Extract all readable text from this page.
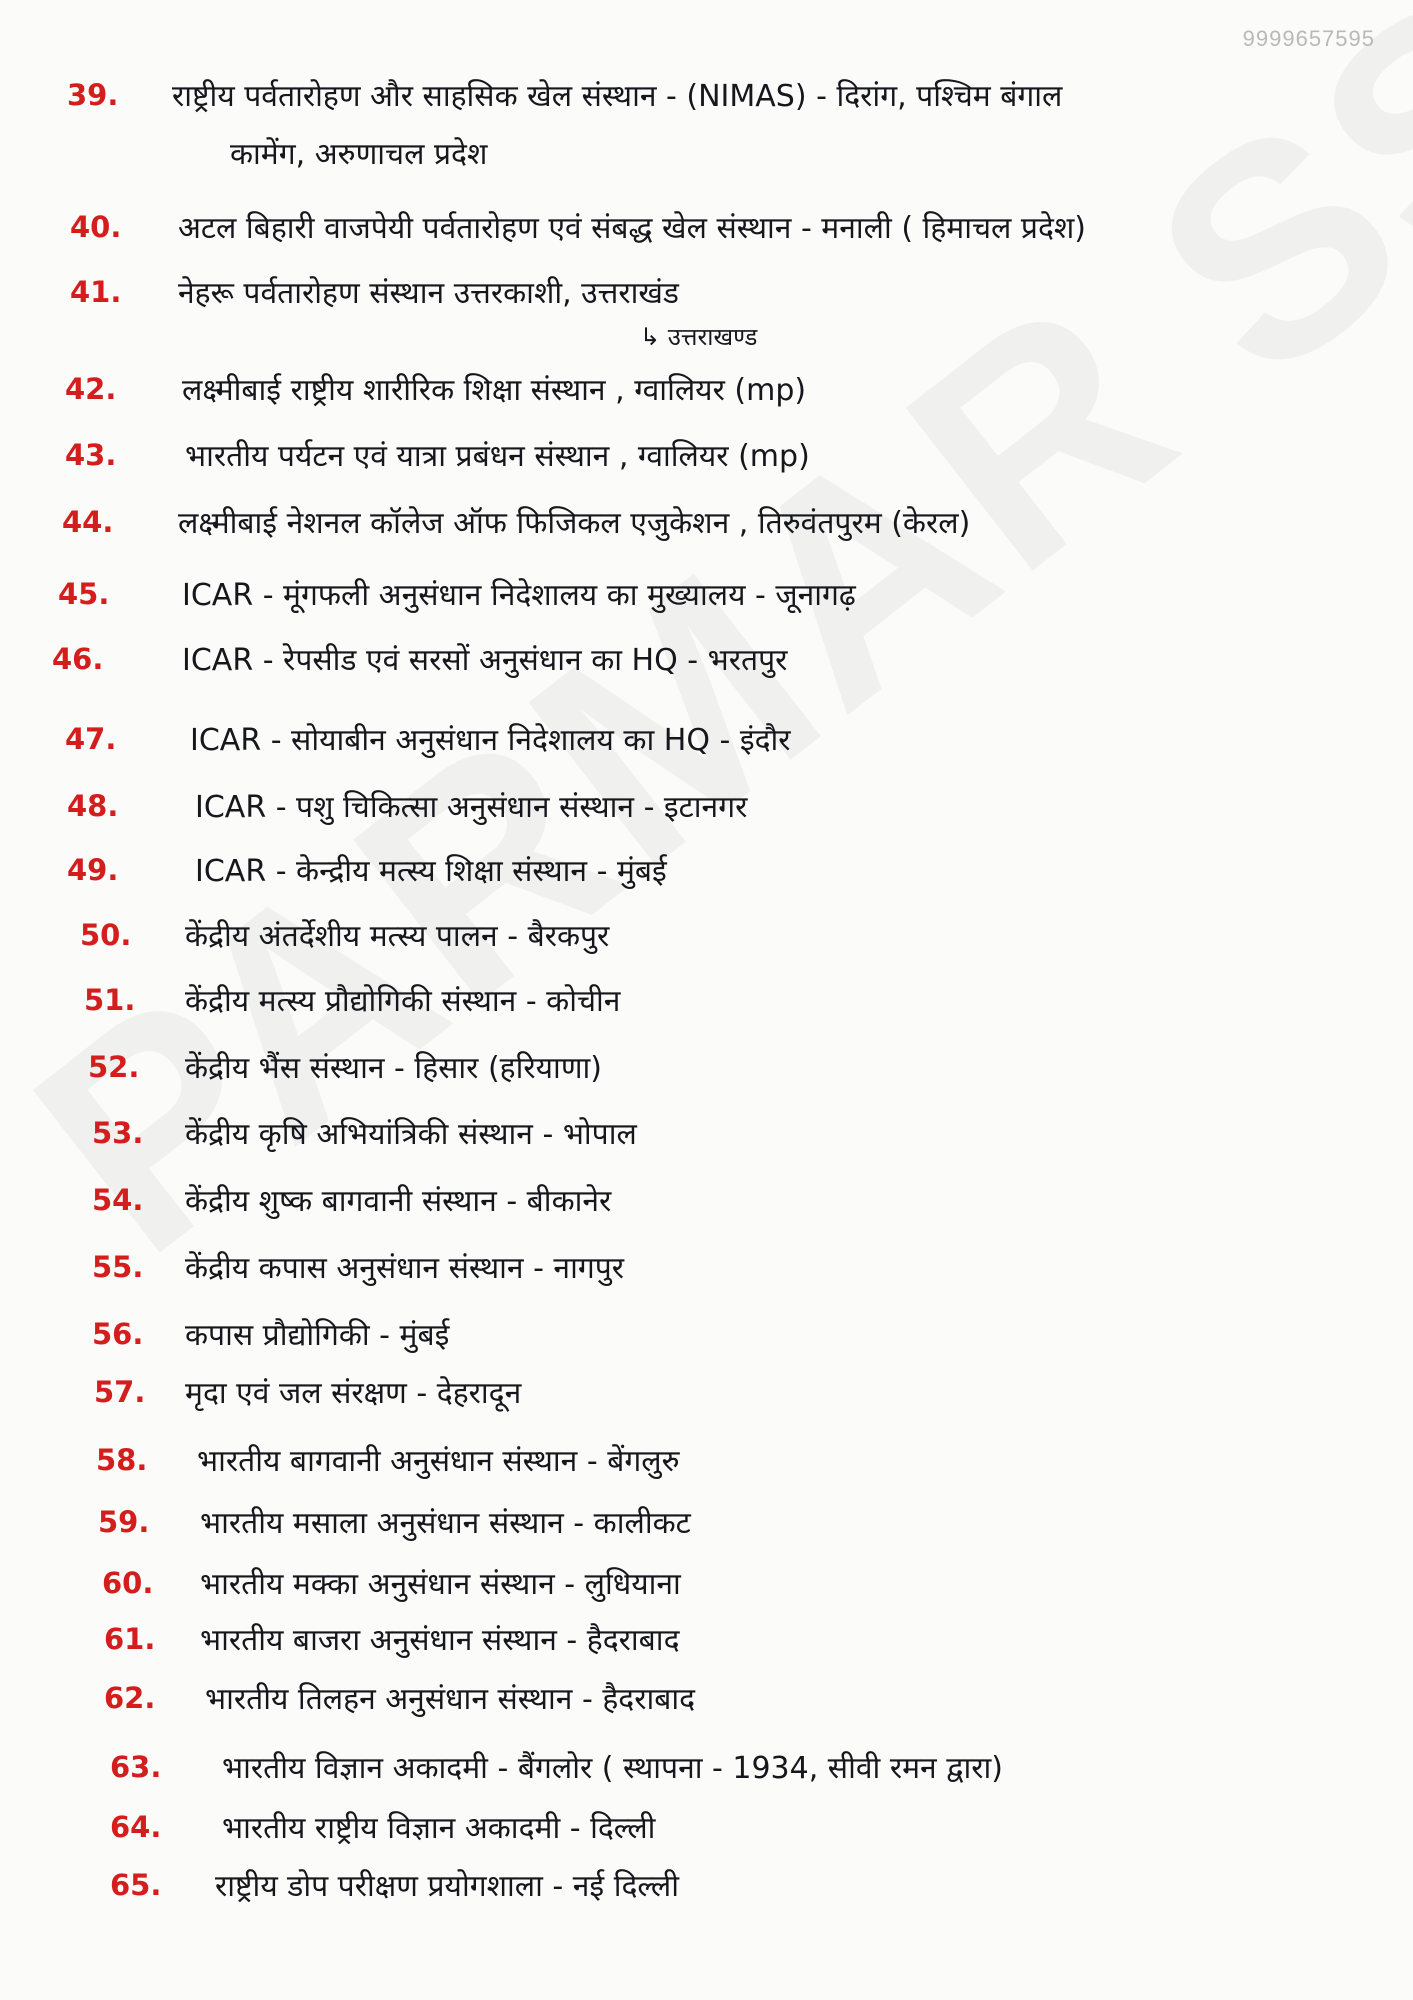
9999657595
39.	राष्ट्रीय पर्वतारोहण और साहसिक खेल संस्थान - (NIMAS) - दिरांग, पश्चिम बंगाल
कामेंग, अरुणाचल प्रदेश
40.	अटल बिहारी वाजपेयी पर्वतारोहण एवं संबद्ध खेल संस्थान - मनाली ( हिमाचल प्रदेश)
41.	नेहरू पर्वतारोहण संस्थान उत्तरकाशी, उत्तराखंड
↳ उत्तराखण्ड
42.	लक्ष्मीबाई राष्ट्रीय शारीरिक शिक्षा संस्थान , ग्वालियर (mp)
43.	भारतीय पर्यटन एवं यात्रा प्रबंधन संस्थान , ग्वालियर (mp)
44.	लक्ष्मीबाई नेशनल कॉलेज ऑफ फिजिकल एजुकेशन , तिरुवंतपुरम (केरल)
45.	ICAR - मूंगफली अनुसंधान निदेशालय का मुख्यालय - जूनागढ़
46.	ICAR - रेपसीड एवं सरसों अनुसंधान का HQ - भरतपुर
47.	ICAR - सोयाबीन अनुसंधान निदेशालय का HQ - इंदौर
48.	ICAR - पशु चिकित्सा अनुसंधान संस्थान - इटानगर
49.	ICAR - केन्द्रीय मत्स्य शिक्षा संस्थान - मुंबई
50.	केंद्रीय अंतर्देशीय मत्स्य पालन - बैरकपुर
51.	केंद्रीय मत्स्य प्रौद्योगिकी संस्थान - कोचीन
52.	केंद्रीय भैंस संस्थान - हिसार (हरियाणा)
53.	केंद्रीय कृषि अभियांत्रिकी संस्थान - भोपाल
54.	केंद्रीय शुष्क बागवानी संस्थान - बीकानेर
55.	केंद्रीय कपास अनुसंधान संस्थान - नागपुर
56.	कपास प्रौद्योगिकी - मुंबई
57.	मृदा एवं जल संरक्षण - देहरादून
58.	भारतीय बागवानी अनुसंधान संस्थान - बेंगलुरु
59.	भारतीय मसाला अनुसंधान संस्थान - कालीकट
60.	भारतीय मक्का अनुसंधान संस्थान - लुधियाना
61.	भारतीय बाजरा अनुसंधान संस्थान - हैदराबाद
62.	भारतीय तिलहन अनुसंधान संस्थान - हैदराबाद
63.	भारतीय विज्ञान अकादमी - बैंगलोर ( स्थापना - 1934, सीवी रमन द्वारा)
64.	भारतीय राष्ट्रीय विज्ञान अकादमी - दिल्ली
65.	राष्ट्रीय डोप परीक्षण प्रयोगशाला - नई दिल्ली
